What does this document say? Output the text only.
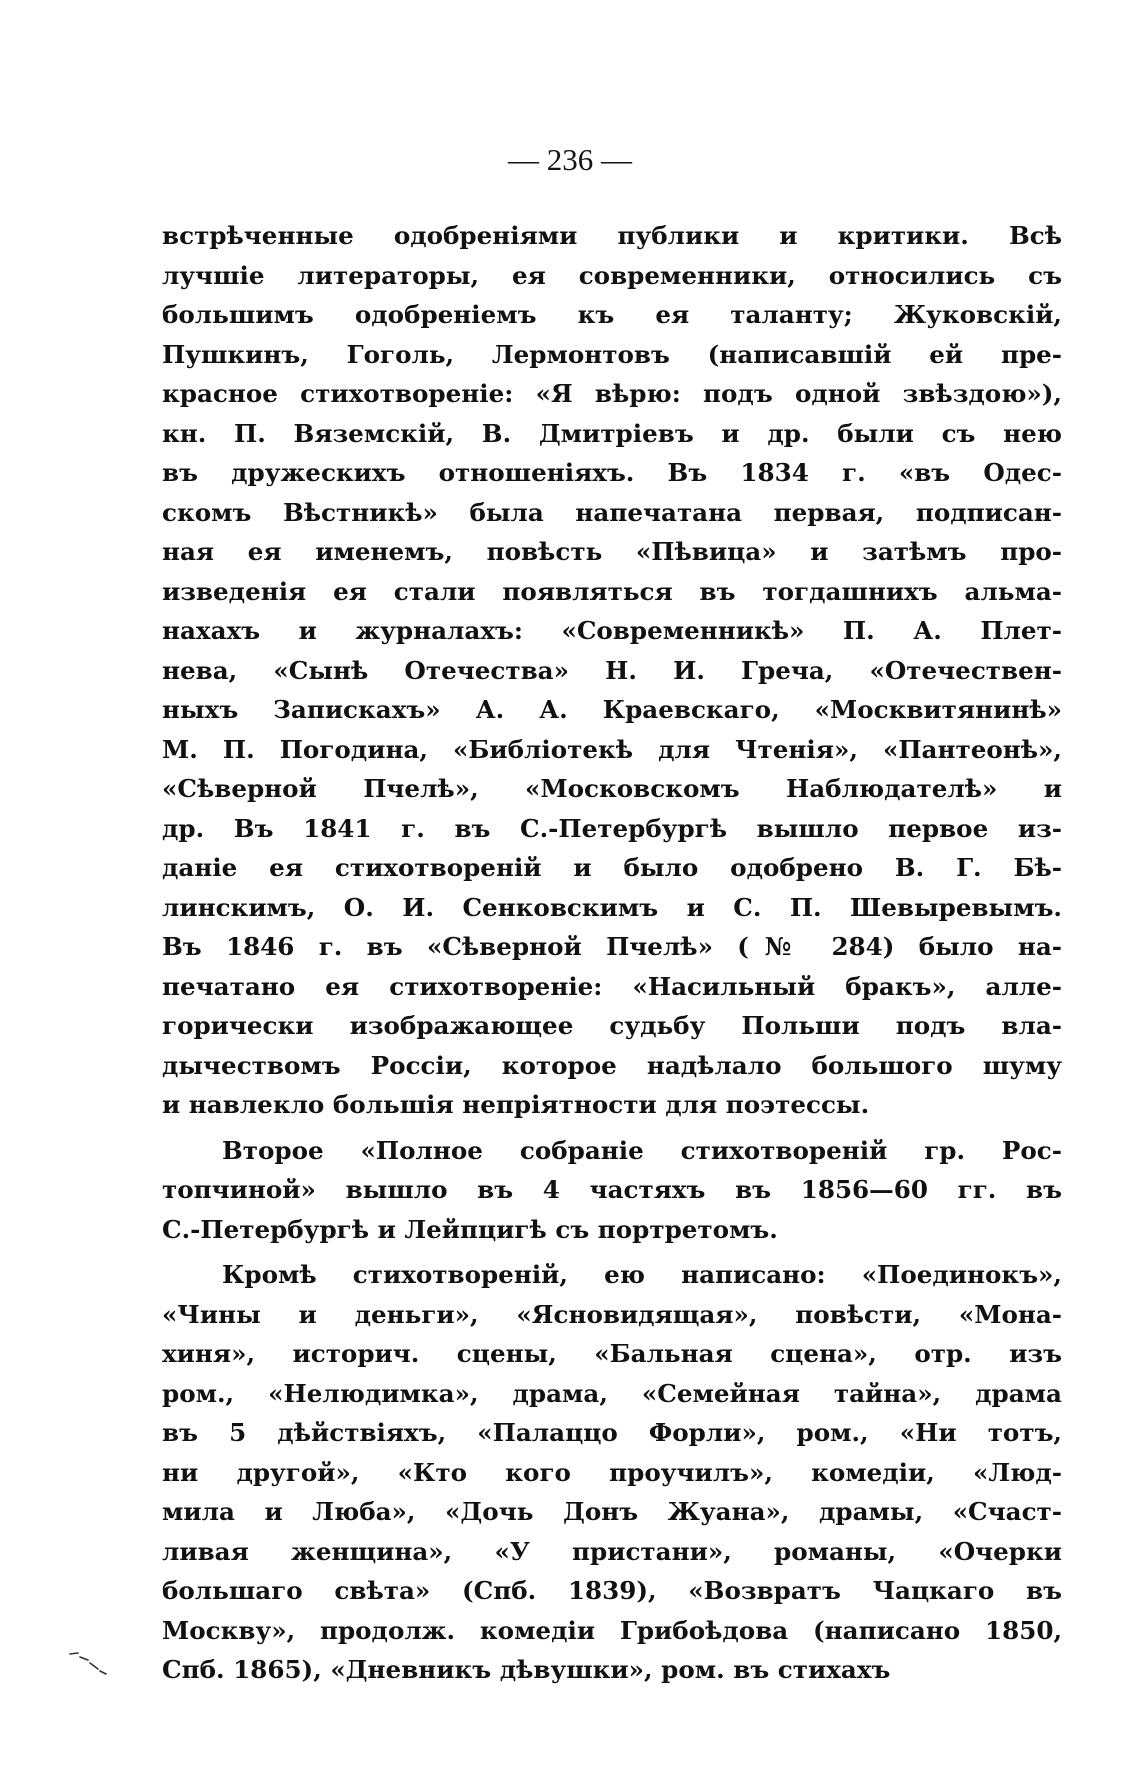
— 236 —
встрѣченные одобреніями публики и критики. Всѣ
лучшіе литераторы, ея современники, относились съ
большимъ одобреніемъ къ ея таланту; Жуковскій,
Пушкинъ, Гоголь, Лермонтовъ (написавшій ей пре-
красное стихотвореніе: «Я вѣрю: подъ одной звѣздою»),
кн. П. Вяземскій, В. Дмитріевъ и др. были съ нею
въ дружескихъ отношеніяхъ. Въ 1834 г. «въ Одес-
скомъ Вѣстникѣ» была напечатана первая, подписан-
ная ея именемъ, повѣсть «Пѣвица» и затѣмъ про-
изведенія ея стали появляться въ тогдашнихъ альма-
нахахъ и журналахъ: «Современникѣ» П. А. Плет-
нева, «Сынѣ Отечества» Н. И. Греча, «Отечествен-
ныхъ Запискахъ» А. А. Краевскаго, «Москвитянинѣ»
М. П. Погодина, «Библіотекѣ для Чтенія», «Пантеонѣ»,
«Сѣверной Пчелѣ», «Московскомъ Наблюдателѣ» и
др. Въ 1841 г. въ С.-Петербургѣ вышло первое из-
даніе ея стихотвореній и было одобрено В. Г. Бѣ-
линскимъ, О. И. Сенковскимъ и С. П. Шевыревымъ.
Въ 1846 г. въ «Сѣверной Пчелѣ» (№ 284) было на-
печатано ея стихотвореніе: «Насильный бракъ», алле-
горически изображающее судьбу Польши подъ вла-
дычествомъ Россіи, которое надѣлало большого шуму
и навлекло большія непріятности для поэтессы.
Второе «Полное собраніе стихотвореній гр. Рос-
топчиной» вышло въ 4 частяхъ въ 1856—60 гг. въ
С.-Петербургѣ и Лейпцигѣ съ портретомъ.
Кромѣ стихотвореній, ею написано: «Поединокъ»,
«Чины и деньги», «Ясновидящая», повѣсти, «Мона-
хиня», историч. сцены, «Бальная сцена», отр. изъ
ром., «Нелюдимка», драма, «Семейная тайна», драма
въ 5 дѣйствіяхъ, «Палаццо Форли», ром., «Ни тотъ,
ни другой», «Кто кого проучилъ», комедіи, «Люд-
мила и Люба», «Дочь Донъ Жуана», драмы, «Счаст-
ливая женщина», «У пристани», романы, «Очерки
большаго свѣта» (Спб. 1839), «Возвратъ Чацкаго въ
Москву», продолж. комедіи Грибоѣдова (написано 1850,
Спб. 1865), «Дневникъ дѣвушки», ром. въ стихахъ
